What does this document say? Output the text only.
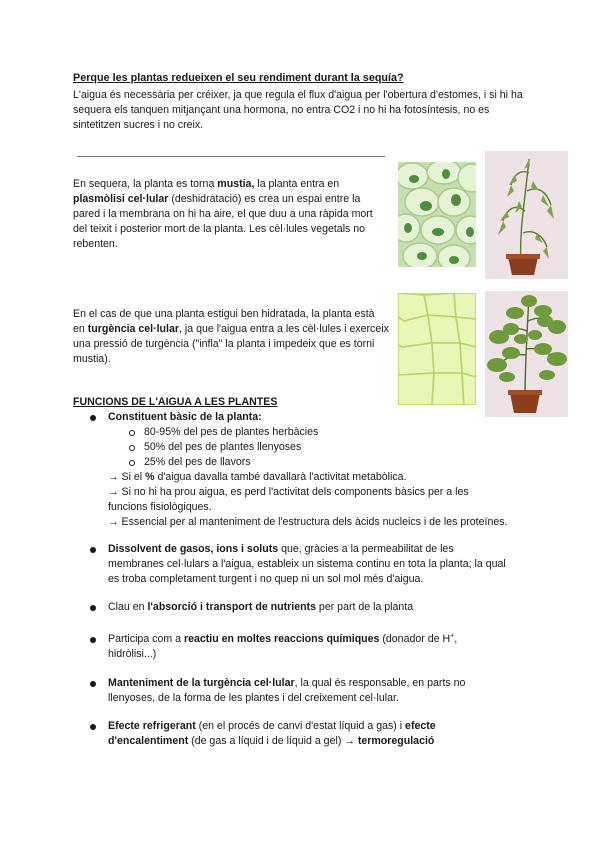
Perque les plantas redueixen el seu rendiment durant la sequía?
L'aigua és necessària per créixer, ja que regula el flux d'aigua per l'obertura d'estomes, i si hi ha sequera els tanquen mitjançant una hormona, no entra CO2 i no hi ha fotosíntesis, no es sintetitzen sucres i no creix.
En sequera, la planta es torna mustia, la planta entra en plasmòlisi cel·lular (deshidratació) es crea un espai entre la pared i la membrana on hi ha aire, el que duu a una ràpida mort del teixit i posterior mort de la planta. Les cèl·lules vegetals no rebenten.
En el cas de que una planta estigui ben hidratada, la planta està en turgència cel·lular, ja que l'aigua entra a les cèl·lules i exerceix una pressió de turgència ("infla" la planta i impedeix que es torni mustia).
FUNCIONS DE L'AIGUA A LES PLANTES
Constituent bàsic de la planta:
80-95% del pes de plantes herbàcies
50% del pes de plantes llenyoses
25% del pes de llavors
→ Si el % d'aigua davalla també davallarà l'activitat metabòlica.
→ Si no hi ha prou aigua, es perd l'activitat dels components bàsics per a les
funcions fisiològiques.
→ Essencial per al manteniment de l'estructura dels àcids nucleics i de les proteïnes.
Dissolvent de gasos, ions i soluts que, gràcies a la permeabilitat de les
membranes cel·lulars a l'aigua, estableix un sistema continu en tota la planta; la qual
es troba completament turgent i no quep ni un sol mol més d'aigua.
Clau en l'absorció i transport de nutrients per part de la planta
Participa com a reactiu en moltes reaccions químiques (donador de H+,
hidròlisi...)
Manteniment de la turgència cel·lular, la qual és responsable, en parts no
llenyoses, de la forma de les plantes i del creixement cel·lular.
Efecte refrigerant (en el procés de canvi d'estat líquid a gas) i efecte
d'encalentiment (de gas a líquid i de líquid a gel) → termoregulació
